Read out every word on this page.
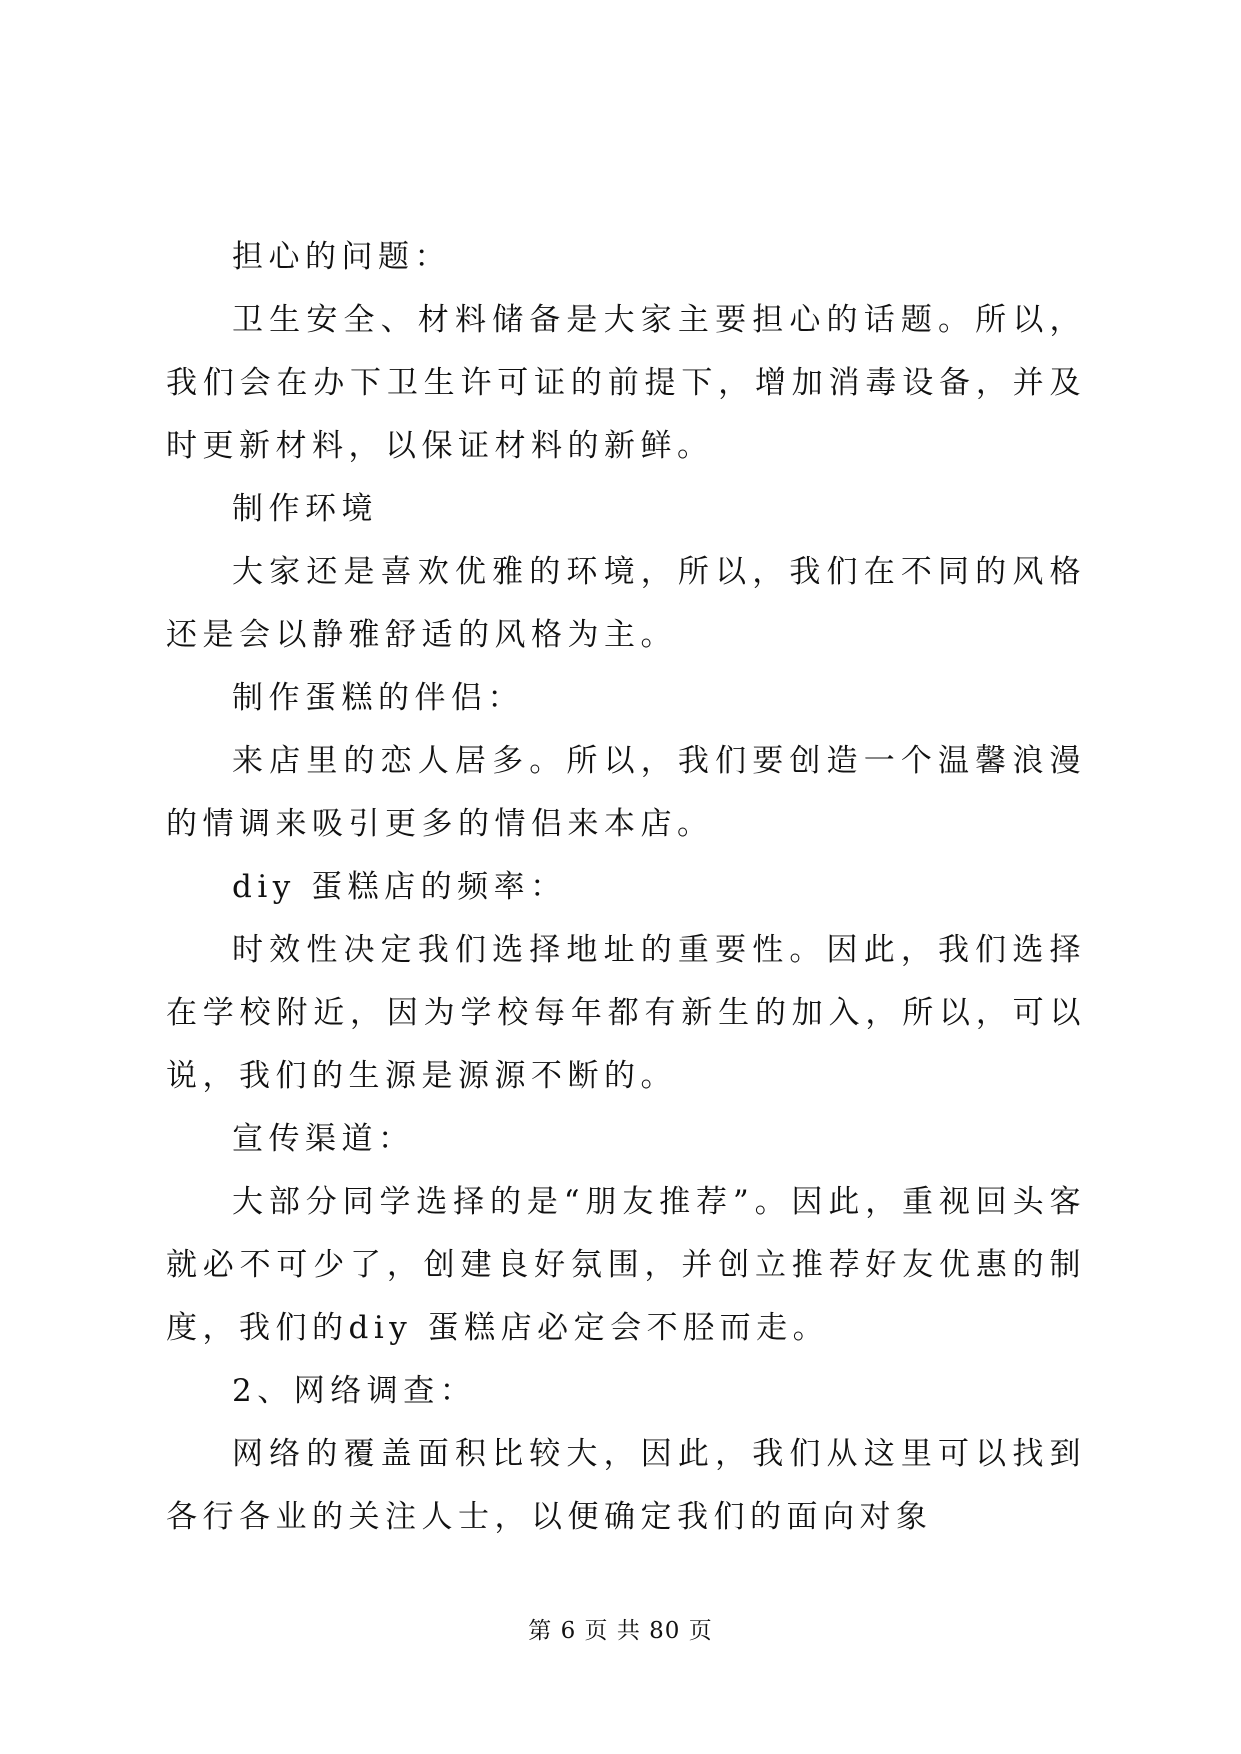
担心的问题：

卫生安全、材料储备是大家主要担心的话题。所以，我们会在办下卫生许可证的前提下，增加消毒设备，并及时更新材料，以保证材料的新鲜。

制作环境

大家还是喜欢优雅的环境，所以，我们在不同的风格还是会以静雅舒适的风格为主。

制作蛋糕的伴侣：

来店里的恋人居多。所以，我们要创造一个温馨浪漫的情调来吸引更多的情侣来本店。

diy 蛋糕店的频率：

时效性决定我们选择地址的重要性。因此，我们选择在学校附近，因为学校每年都有新生的加入，所以，可以说，我们的生源是源源不断的。

宣传渠道：

大部分同学选择的是“朋友推荐”。因此，重视回头客就必不可少了，创建良好氛围，并创立推荐好友优惠的制度，我们的diy 蛋糕店必定会不胫而走。

2、网络调查：

网络的覆盖面积比较大，因此，我们从这里可以找到各行各业的关注人士，以便确定我们的面向对象

第 6 页 共 80 页
